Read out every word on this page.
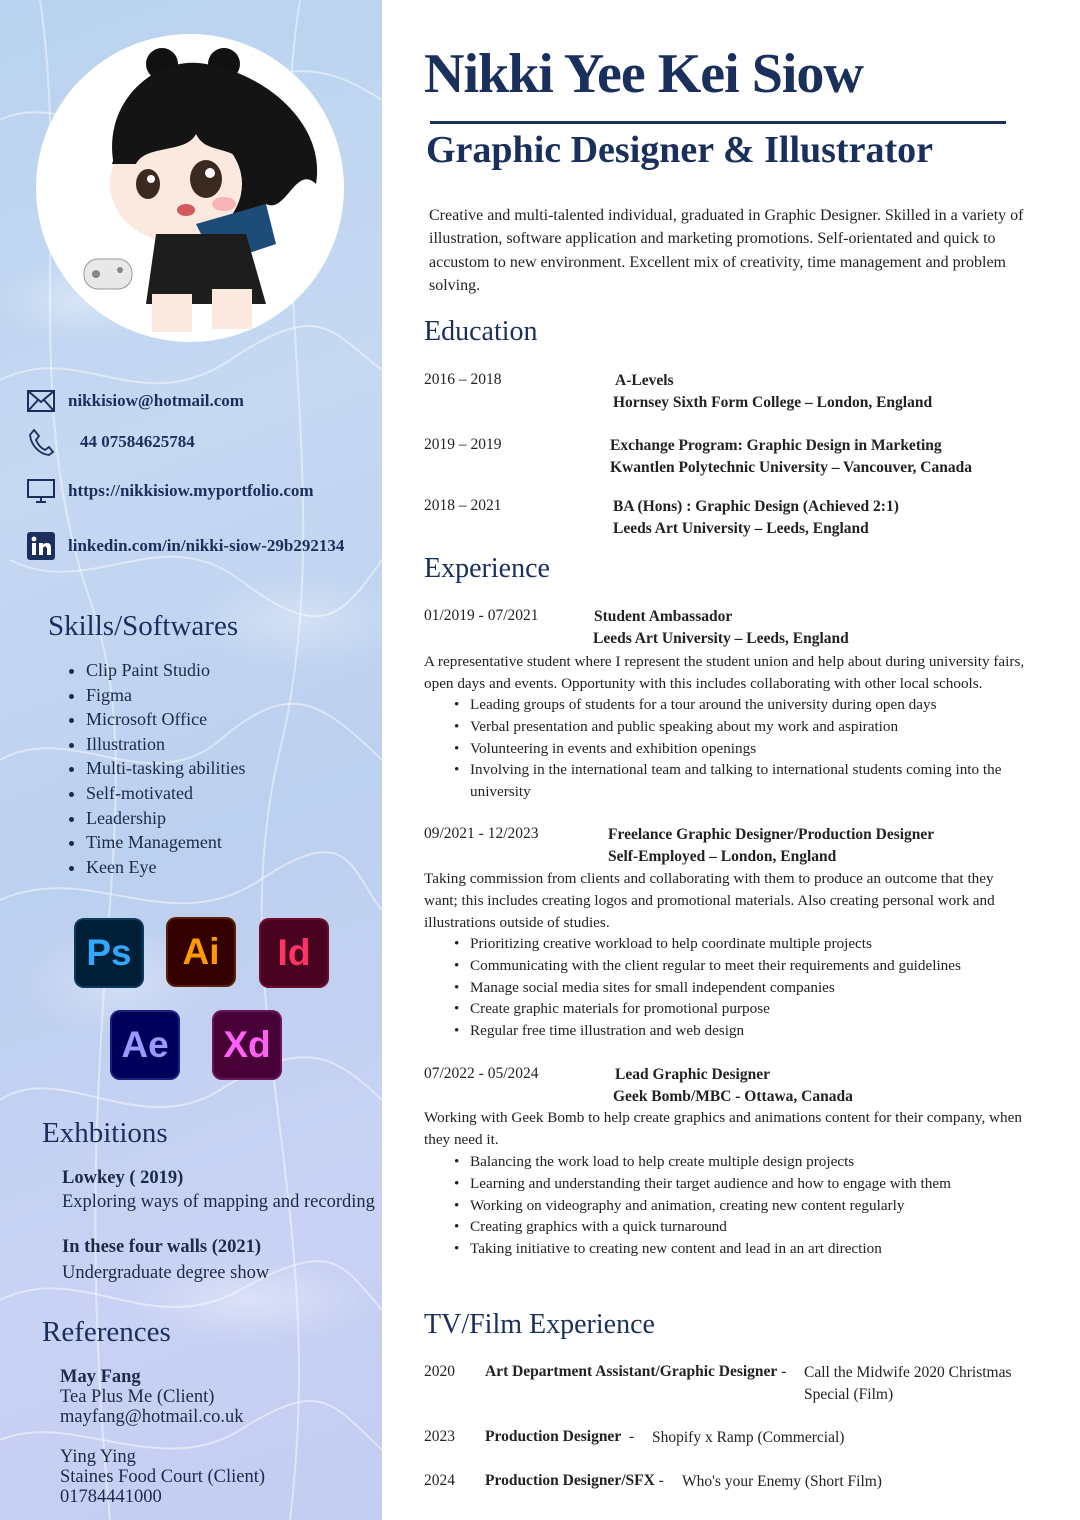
nikkisiow@hotmail.com
44 07584625784
https://nikkisiow.myportfolio.com
linkedin.com/in/nikki-siow-29b292134
Skills/Softwares
• Clip Paint Studio
• Figma
• Microsoft Office
• Illustration
• Multi-tasking abilities
• Self-motivated
• Leadership
• Time Management
• Keen Eye
Ps Ai Id
Ae Xd
Exhbitions
Lowkey ( 2019)
Exploring ways of mapping and recording
In these four walls (2021)
Undergraduate degree show
References
May Fang
Tea Plus Me (Client)
mayfang@hotmail.co.uk
Ying Ying
Staines Food Court (Client)
01784441000
Nikki Yee Kei Siow
Graphic Designer & Illustrator

Creative and multi-talented individual, graduated in Graphic Designer. Skilled in a variety of illustration, software application and marketing promotions. Self-orientated and quick to accustom to new environment. Excellent mix of creativity, time management and problem solving.

Education
2016 – 2018	A-Levels
Hornsey Sixth Form College – London, England
2019 – 2019	Exchange Program: Graphic Design in Marketing
Kwantlen Polytechnic University – Vancouver, Canada
2018 – 2021	BA (Hons) : Graphic Design (Achieved 2:1)
Leeds Art University – Leeds, England
Experience
01/2019 - 07/2021	Student Ambassador
Leeds Art University – Leeds, England

A representative student where I represent the student union and help about during university fairs, open days and events. Opportunity with this includes collaborating with other local schools.

• Leading groups of students for a tour around the university during open days
• Verbal presentation and public speaking about my work and aspiration
• Volunteering in events and exhibition openings
• Involving in the international team and talking to international students coming into the university
09/2021 - 12/2023	Freelance Graphic Designer/Production Designer
Self-Employed – London, England

Taking commission from clients and collaborating with them to produce an outcome that they want; this includes creating logos and promotional materials. Also creating personal work and illustrations outside of studies.

• Prioritizing creative workload to help coordinate multiple projects
• Communicating with the client regular to meet their requirements and guidelines
• Manage social media sites for small independent companies
• Create graphic materials for promotional purpose
• Regular free time illustration and web design
07/2022 - 05/2024	Lead Graphic Designer
Geek Bomb/MBC - Ottawa, Canada

Working with Geek Bomb to help create graphics and animations content for their company, when they need it.

• Balancing the work load to help create multiple design projects
• Learning and understanding their target audience and how to engage with them
• Working on videography and animation, creating new content regularly
• Creating graphics with a quick turnaround
• Taking initiative to creating new content and lead in an art direction
TV/Film Experience
2020 Art Department Assistant/Graphic Designer - Call the Midwife 2020 Christmas Special (Film)
2023 Production Designer  - Shopify x Ramp (Commercial)
2024 Production Designer/SFX - Who's your Enemy (Short Film)
